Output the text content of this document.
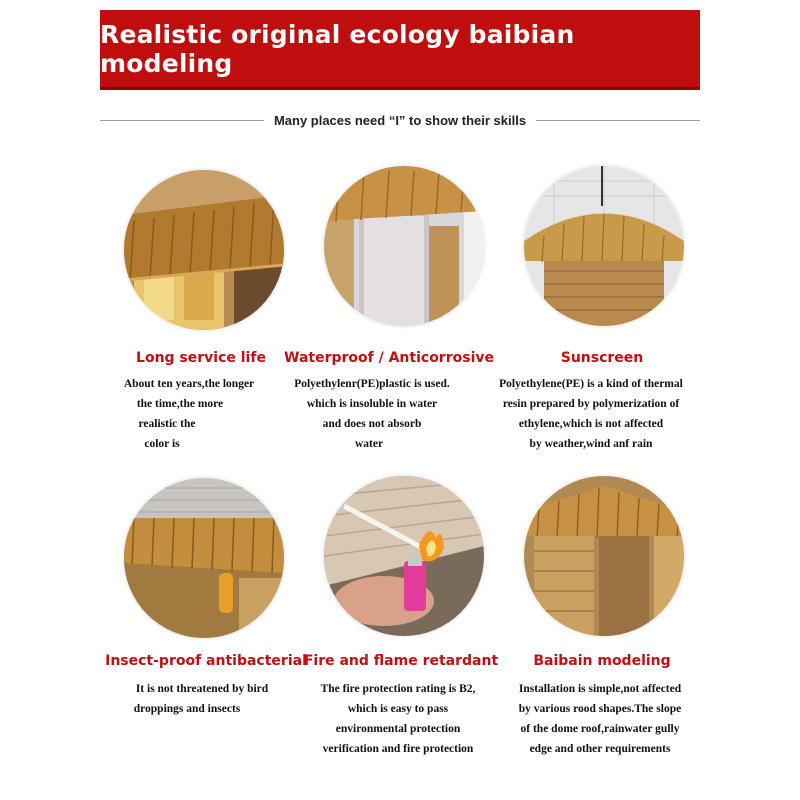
Realistic original ecology baibian modeling
Many places need “I” to show their skills
Long service life
About ten years,the longer
the time,the more
realistic the
color is
Waterproof / Anticorrosive
Polyethylenr(PE)plastic is used.
which is insoluble in water
and does not absorb
water
Sunscreen
Polyethylene(PE) is a kind of thermal
resin prepared by polymerization of
ethylene,which is not affected
by weather,wind anf rain
Insect-proof antibacterial
It is not threatened by bird
droppings and insects
Fire and flame retardant
The fire protection rating is B2,
which is easy to pass
environmental protection
verification and fire protection
Baibain modeling
Installation is simple,not affected
by various rood shapes.The slope
of the dome roof,rainwater gully
edge and other requirements
